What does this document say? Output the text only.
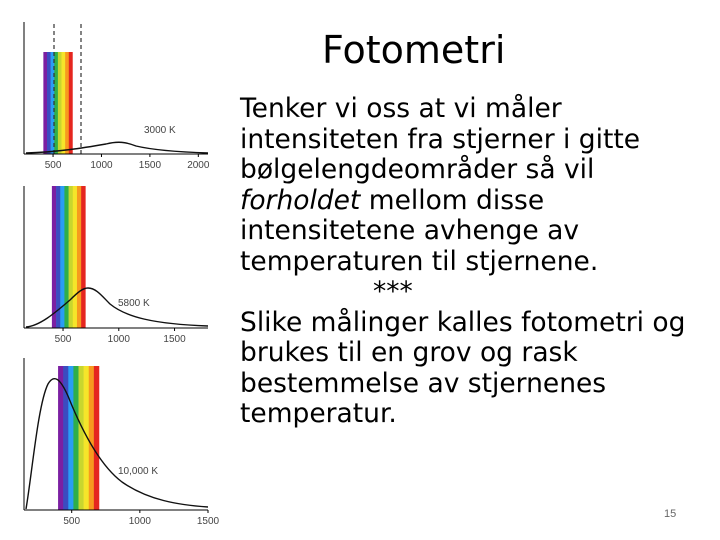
Fotometri

Tenker vi oss at vi måler intensiteten fra stjerner i gitte bølgelengdeområder så vil forholdet mellom disse intensitetene avhenge av temperaturen til stjernene.

***

Slike målinger kalles fotometri og brukes til en grov og rask bestemmelse av stjernenes temperatur.

15
3000 K
500	1000	1500	2000
5800 K
500	1000	1500
10,000 K
500	1000	1500
